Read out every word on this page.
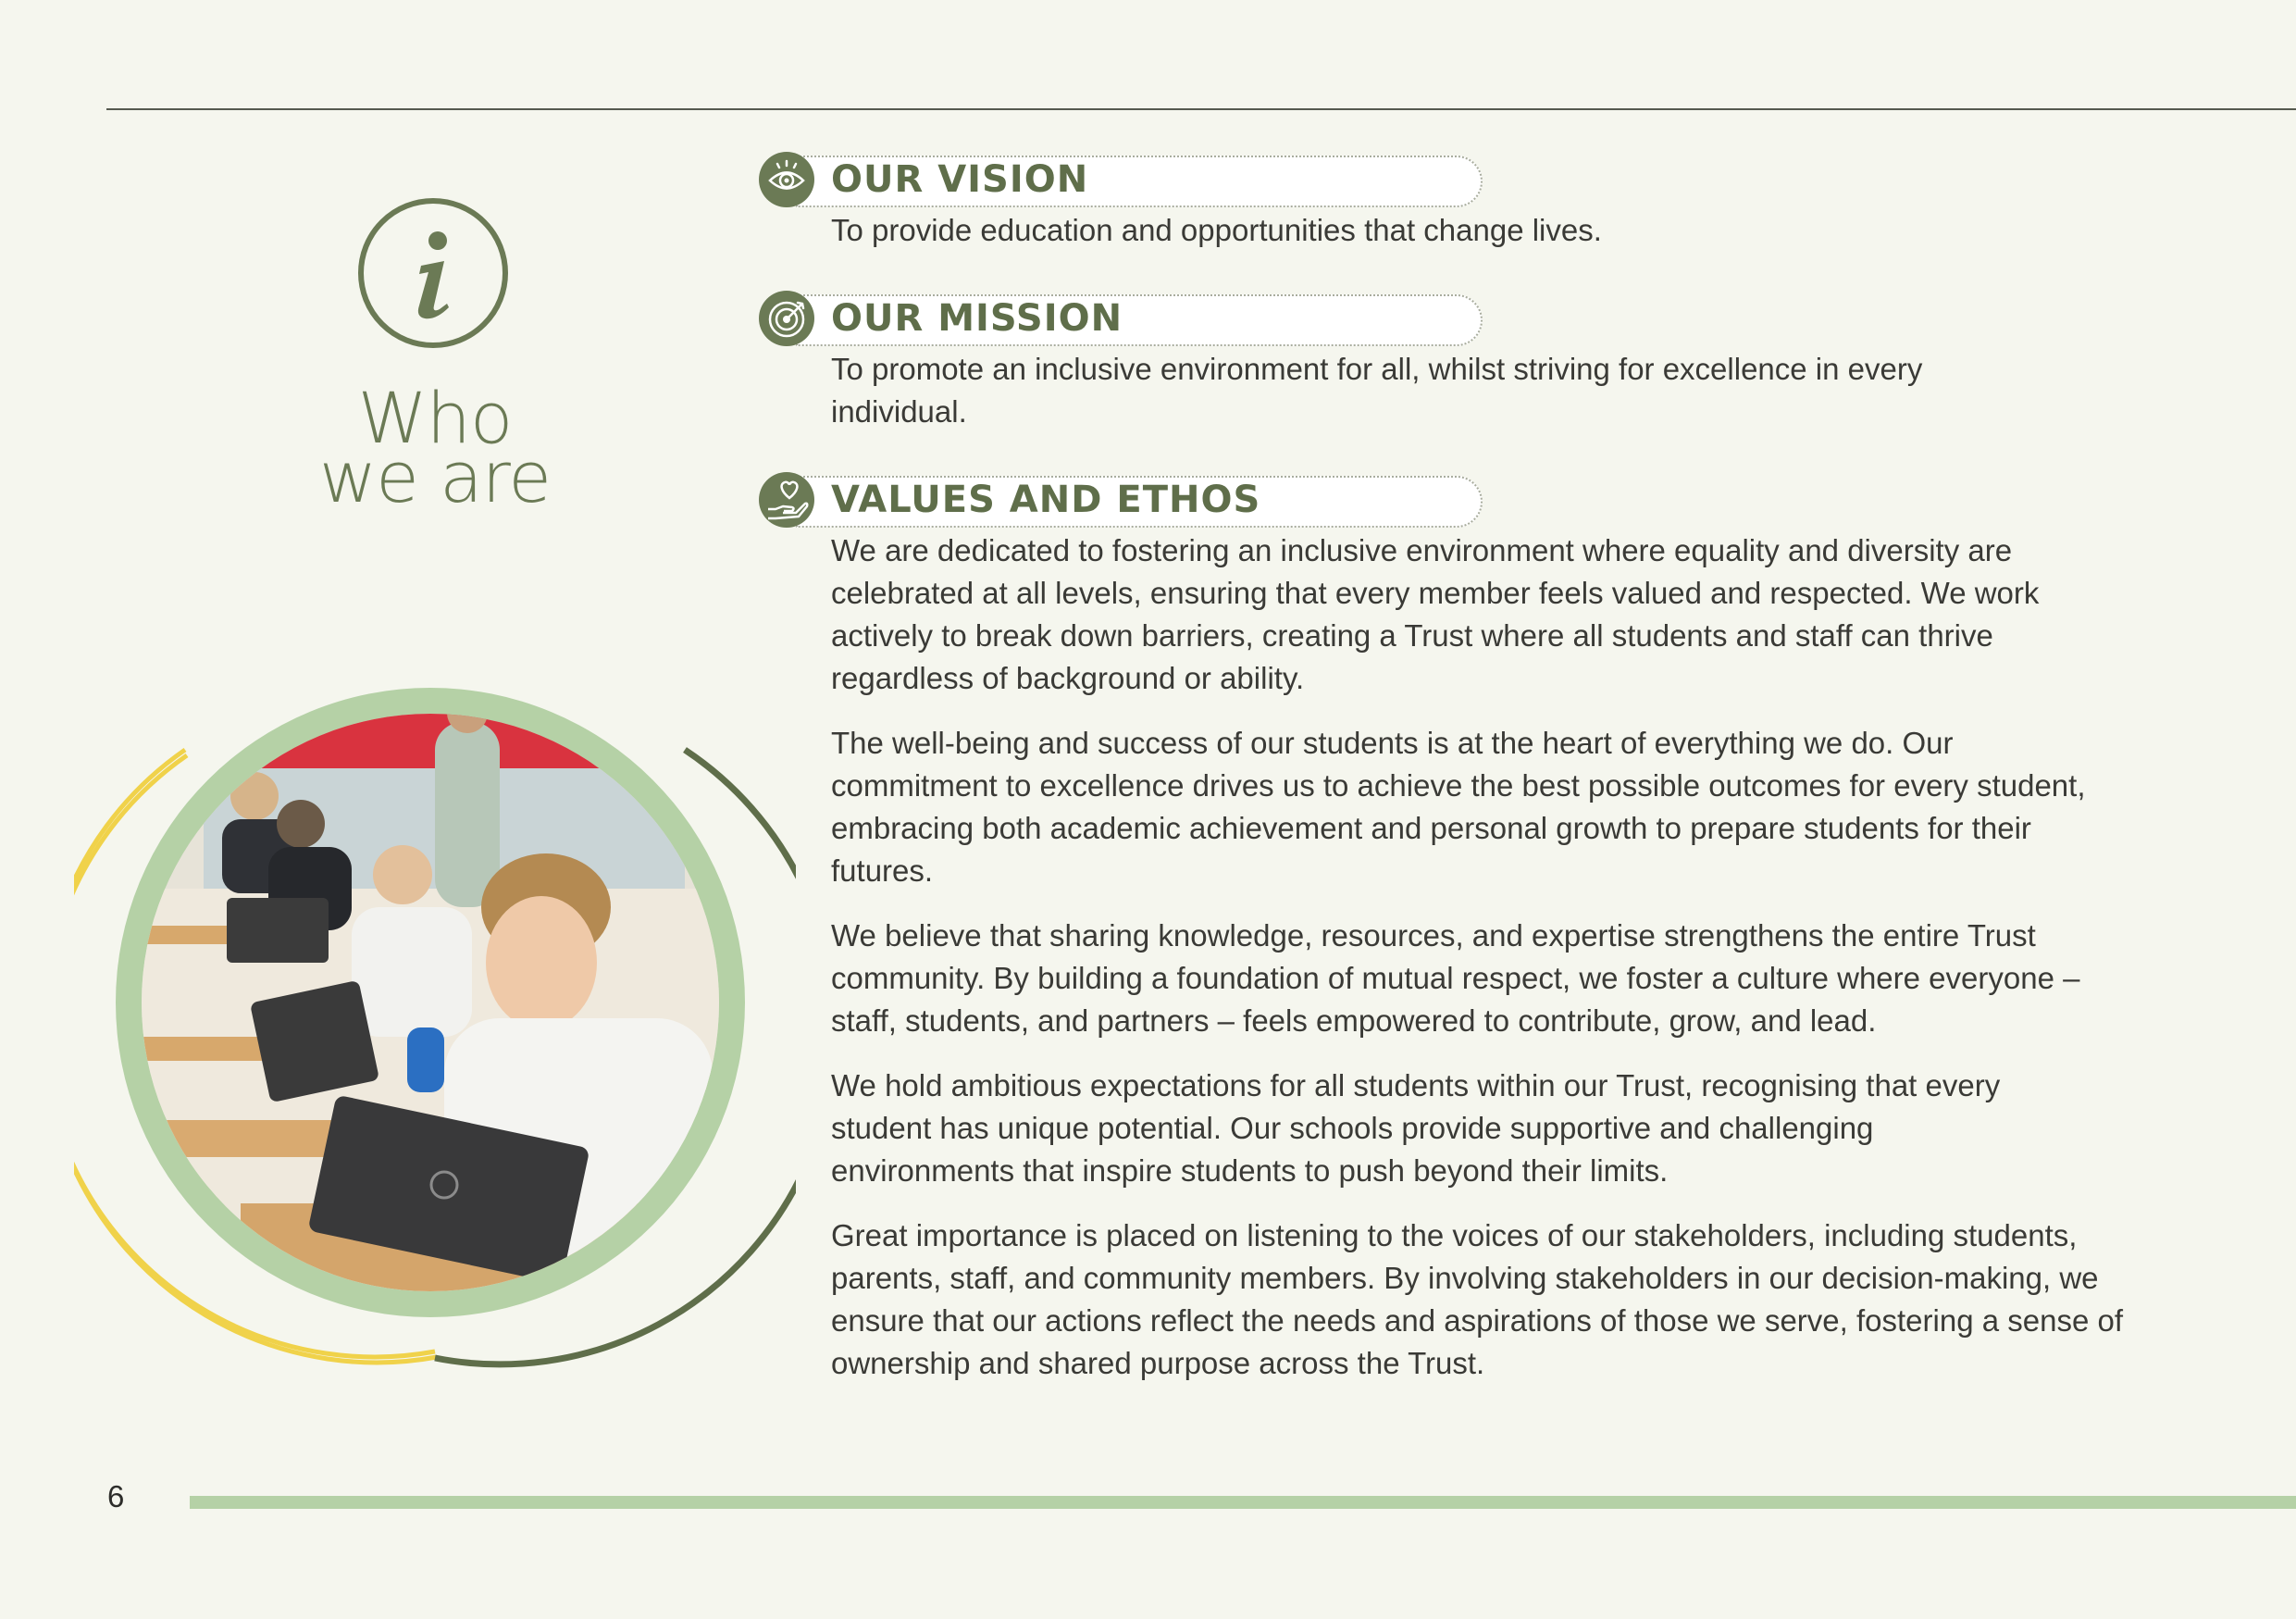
Who
we are
OUR VISION
To provide education and opportunities that change lives.
OUR MISSION
To promote an inclusive environment for all, whilst striving for excellence in every individual.
VALUES AND ETHOS

We are dedicated to fostering an inclusive environment where equality and diversity are celebrated at all levels, ensuring that every member feels valued and respected. We work actively to break down barriers, creating a Trust where all students and staff can thrive regardless of background or ability.

The well-being and success of our students is at the heart of everything we do. Our commitment to excellence drives us to achieve the best possible outcomes for every student, embracing both academic achievement and personal growth to prepare students for their futures.

We believe that sharing knowledge, resources, and expertise strengthens the entire Trust community. By building a foundation of mutual respect, we foster a culture where everyone – staff, students, and partners – feels empowered to contribute, grow, and lead.

We hold ambitious expectations for all students within our Trust, recognising that every student has unique potential. Our schools provide supportive and challenging environments that inspire students to push beyond their limits.

Great importance is placed on listening to the voices of our stakeholders, including students, parents, staff, and community members. By involving stakeholders in our decision-making, we ensure that our actions reflect the needs and aspirations of those we serve, fostering a sense of ownership and shared purpose across the Trust.

6
